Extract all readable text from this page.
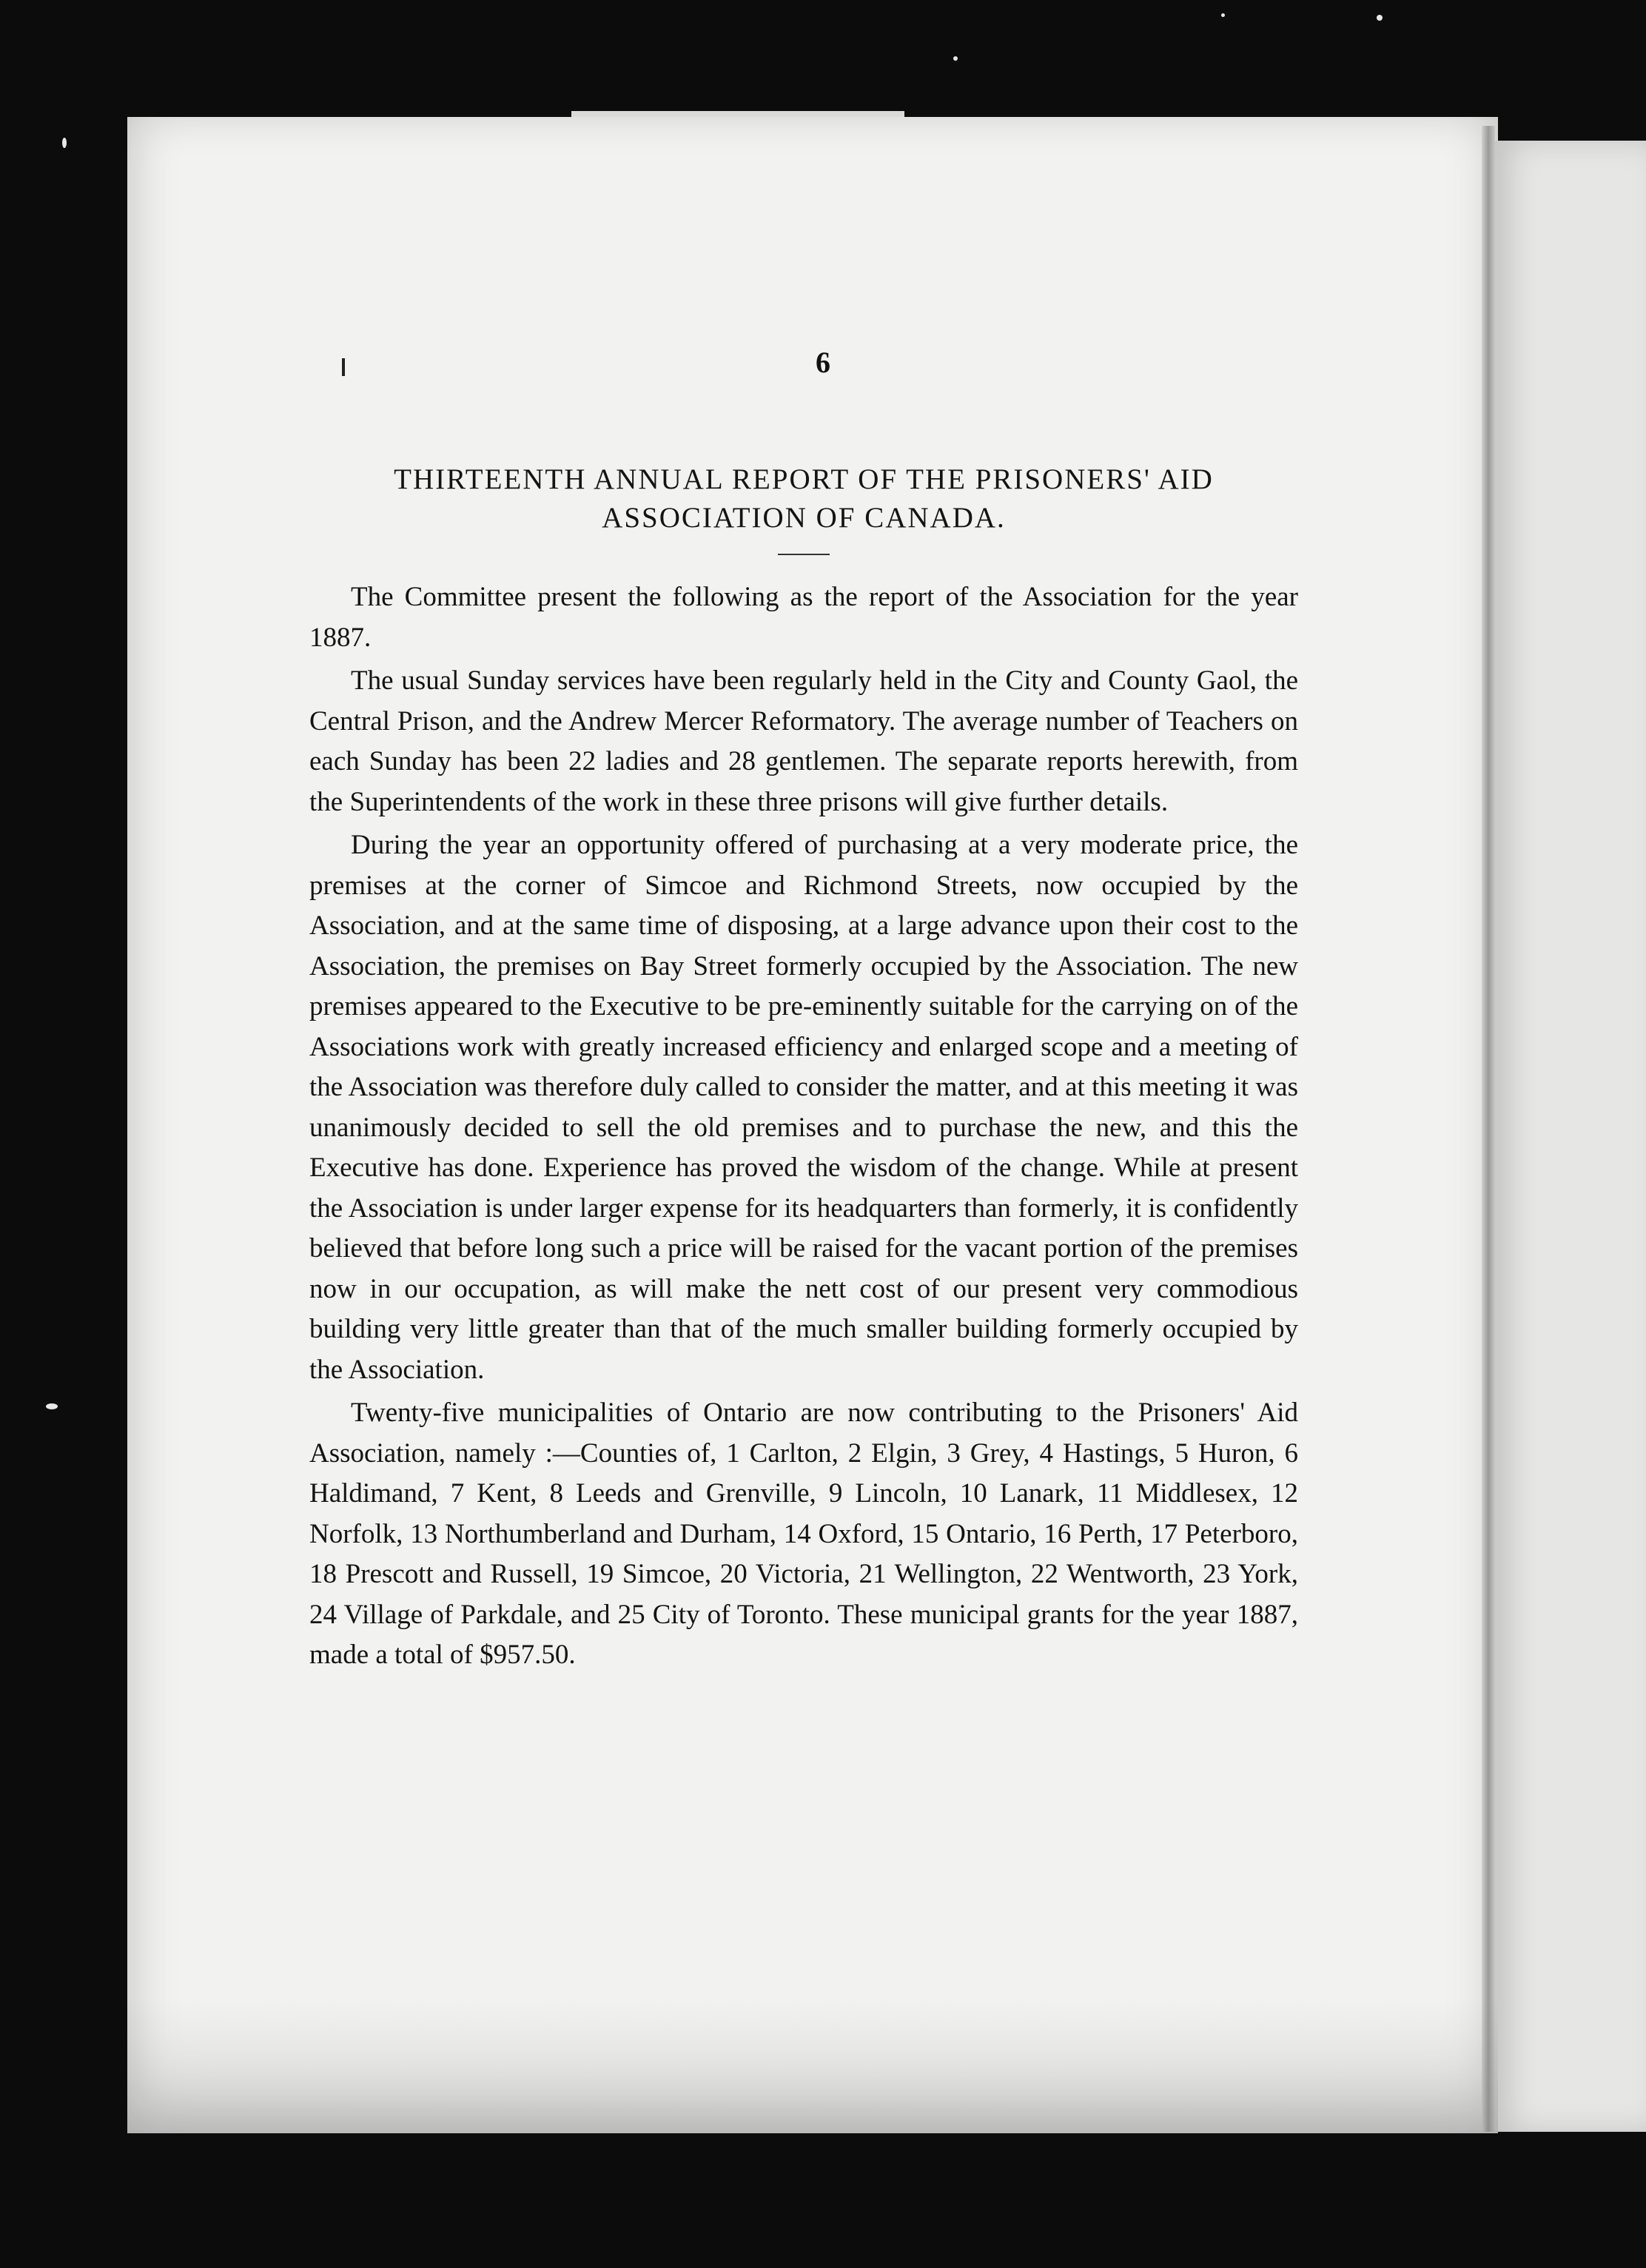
6
THIRTEENTH ANNUAL REPORT OF THE PRISONERS' AID
ASSOCIATION OF CANADA.

The Committee present the following as the report of the Association for the year 1887.

The usual Sunday services have been regularly held in the City and County Gaol, the Central Prison, and the Andrew Mercer Reformatory. The average number of Teachers on each Sunday has been 22 ladies and 28 gentlemen. The separate reports herewith, from the Superintendents of the work in these three prisons will give further details.

During the year an opportunity offered of purchasing at a very moderate price, the premises at the corner of Simcoe and Richmond Streets, now occupied by the Association, and at the same time of disposing, at a large advance upon their cost to the Association, the premises on Bay Street formerly occupied by the Association. The new premises appeared to the Executive to be pre-eminently suitable for the carrying on of the Associations work with greatly increased efficiency and enlarged scope and a meeting of the Association was therefore duly called to consider the matter, and at this meeting it was unanimously decided to sell the old premises and to purchase the new, and this the Executive has done. Experience has proved the wisdom of the change. While at present the Association is under larger expense for its headquarters than formerly, it is confidently believed that before long such a price will be raised for the vacant portion of the premises now in our occupation, as will make the nett cost of our present very commodious building very little greater than that of the much smaller building formerly occupied by the Association.

Twenty-five municipalities of Ontario are now contributing to the Prisoners' Aid Association, namely :—Counties of, 1 Carlton, 2 Elgin, 3 Grey, 4 Hastings, 5 Huron, 6 Haldimand, 7 Kent, 8 Leeds and Grenville, 9 Lincoln, 10 Lanark, 11 Middlesex, 12 Norfolk, 13 Northumberland and Durham, 14 Oxford, 15 Ontario, 16 Perth, 17 Peterboro, 18 Prescott and Russell, 19 Simcoe, 20 Victoria, 21 Wellington, 22 Wentworth, 23 York, 24 Village of Parkdale, and 25 City of Toronto. These municipal grants for the year 1887, made a total of $957.50.
